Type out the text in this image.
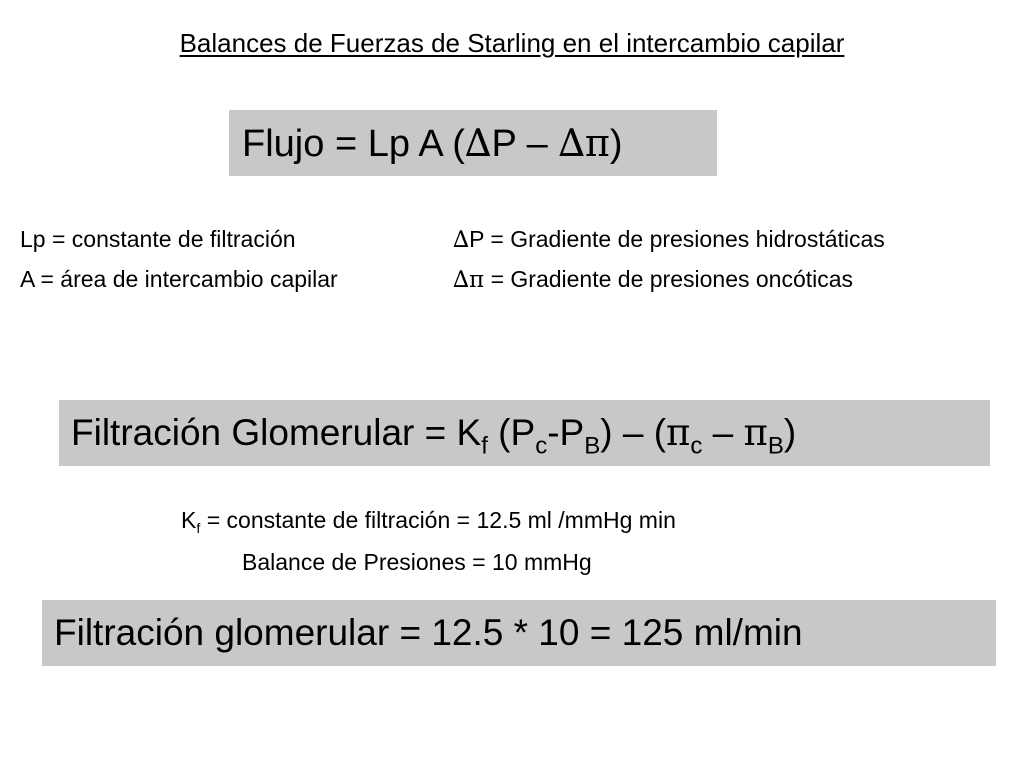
Balances de Fuerzas de Starling en el intercambio capilar
Flujo = Lp A (∆P – ∆π)
Lp = constante de filtración
A = área de intercambio capilar
∆P = Gradiente de presiones hidrostáticas
∆π = Gradiente de presiones oncóticas
Filtración Glomerular = $K_f$ $(P_c-P_B) - (\pi_c - \pi_B)$
$K_f$ = constante de filtración = 12.5 ml /mmHg min
Balance de Presiones = 10 mmHg
Filtración glomerular = 12.5 * 10 = 125 ml/min
